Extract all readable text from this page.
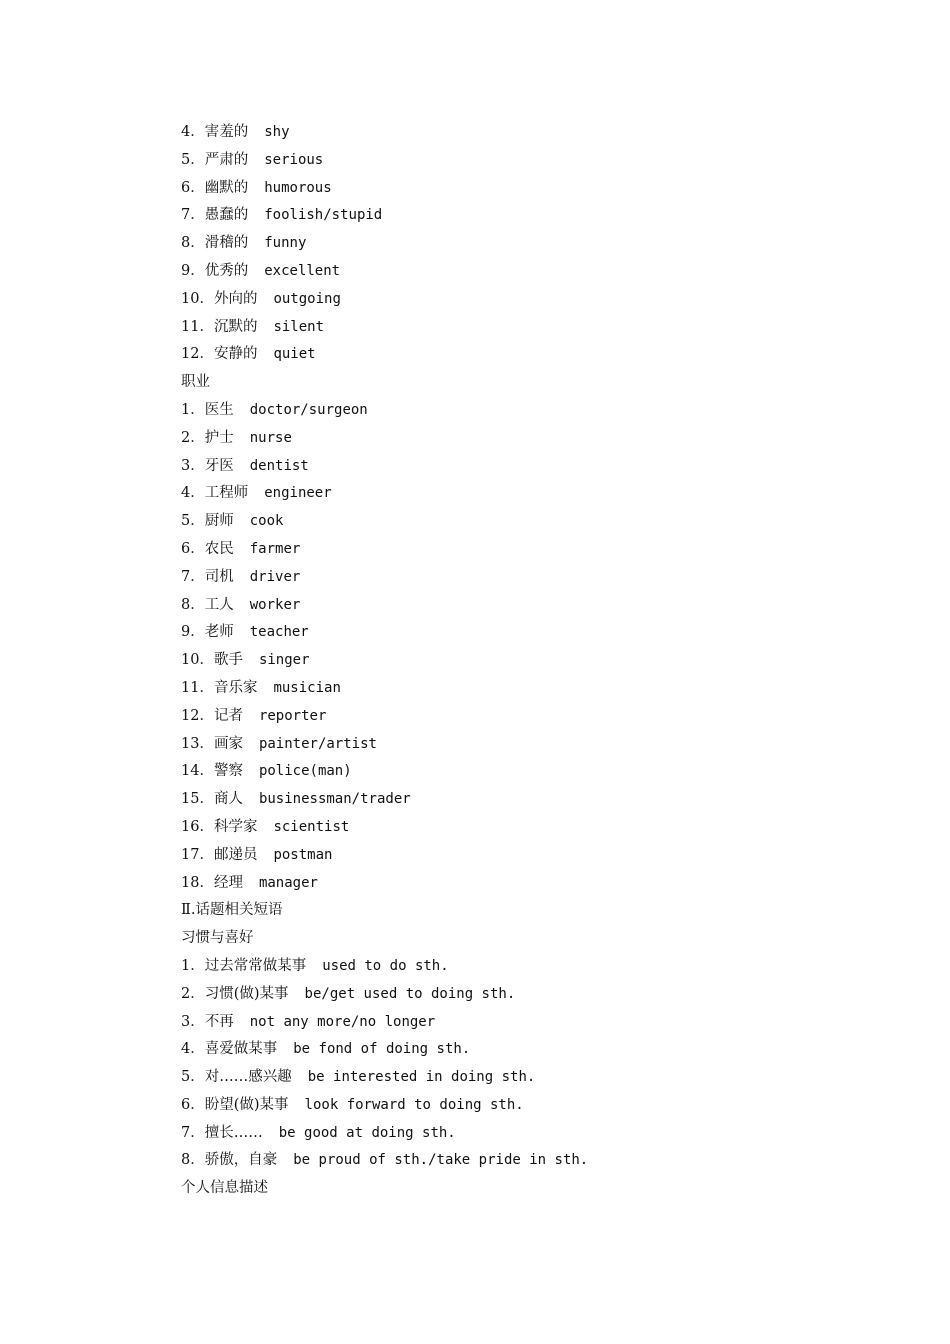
4．害羞的 shy
5．严肃的 serious
6．幽默的 humorous
7．愚蠢的 foolish/stupid
8．滑稽的 funny
9．优秀的 excellent
10．外向的 outgoing
11．沉默的 silent
12．安静的 quiet
职业
1．医生 doctor/surgeon
2．护士 nurse
3．牙医 dentist
4．工程师 engineer
5．厨师 cook
6．农民 farmer
7．司机 driver
8．工人 worker
9．老师 teacher
10．歌手 singer
11．音乐家 musician
12．记者 reporter
13．画家 painter/artist
14．警察 police(man)
15．商人 businessman/trader
16．科学家 scientist
17．邮递员 postman
18．经理 manager
Ⅱ.话题相关短语
习惯与喜好
1．过去常常做某事 used to do sth.
2．习惯(做)某事 be/get used to doing sth.
3．不再 not any more/no longer
4．喜爱做某事 be fond of doing sth.
5．对……感兴趣 be interested in doing sth.
6．盼望(做)某事 look forward to doing sth.
7．擅长…… be good at doing sth.
8．骄傲，自豪 be proud of sth./take pride in sth.
个人信息描述
